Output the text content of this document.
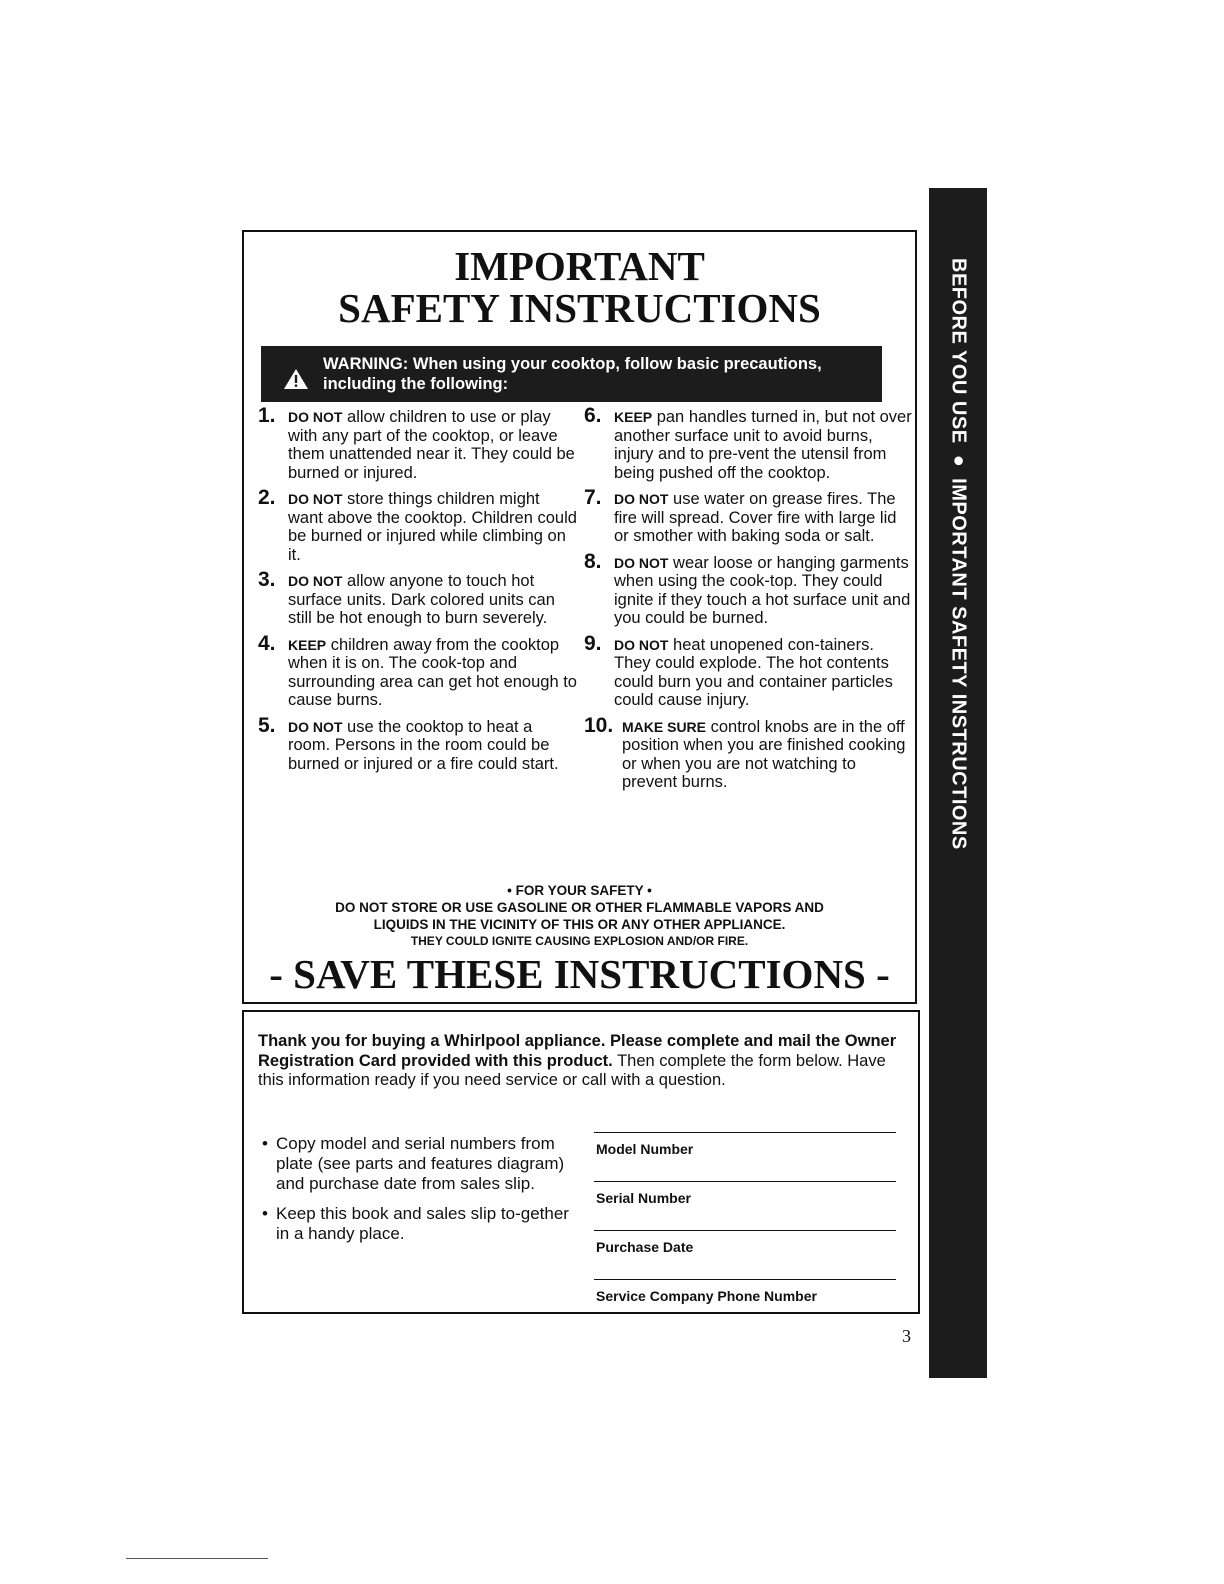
BEFORE YOU USE ● IMPORTANT SAFETY INSTRUCTIONS
IMPORTANT
SAFETY INSTRUCTIONS
WARNING: When using your cooktop, follow basic precautions,
including the following:
1. DO NOT allow children to use or play with any part of the cooktop, or leave them unattended near it. They could be burned or injured.
2. DO NOT store things children might want above the cooktop. Children could be burned or injured while climbing on it.
3. DO NOT allow anyone to touch hot surface units. Dark colored units can still be hot enough to burn severely.
4. KEEP children away from the cooktop when it is on. The cook-top and surrounding area can get hot enough to cause burns.
5. DO NOT use the cooktop to heat a room. Persons in the room could be burned or injured or a fire could start.
6. KEEP pan handles turned in, but not over another surface unit to avoid burns, injury and to pre-vent the utensil from being pushed off the cooktop.
7. DO NOT use water on grease fires. The fire will spread. Cover fire with large lid or smother with baking soda or salt.
8. DO NOT wear loose or hanging garments when using the cook-top. They could ignite if they touch a hot surface unit and you could be burned.
9. DO NOT heat unopened con-tainers. They could explode. The hot contents could burn you and container particles could cause injury.
10. MAKE SURE control knobs are in the off position when you are finished cooking or when you are not watching to prevent burns.
• FOR YOUR SAFETY •
DO NOT STORE OR USE GASOLINE OR OTHER FLAMMABLE VAPORS AND
LIQUIDS IN THE VICINITY OF THIS OR ANY OTHER APPLIANCE.
THEY COULD IGNITE CAUSING EXPLOSION AND/OR FIRE.
- SAVE THESE INSTRUCTIONS -
Thank you for buying a Whirlpool appliance. Please complete and mail the Owner Registration Card provided with this product. Then complete the form below. Have this information ready if you need service or call with a question.
• Copy model and serial numbers from plate (see parts and features diagram) and purchase date from sales slip.
• Keep this book and sales slip to-gether in a handy place.
Model Number
Serial Number
Purchase Date
Service Company Phone Number
3
